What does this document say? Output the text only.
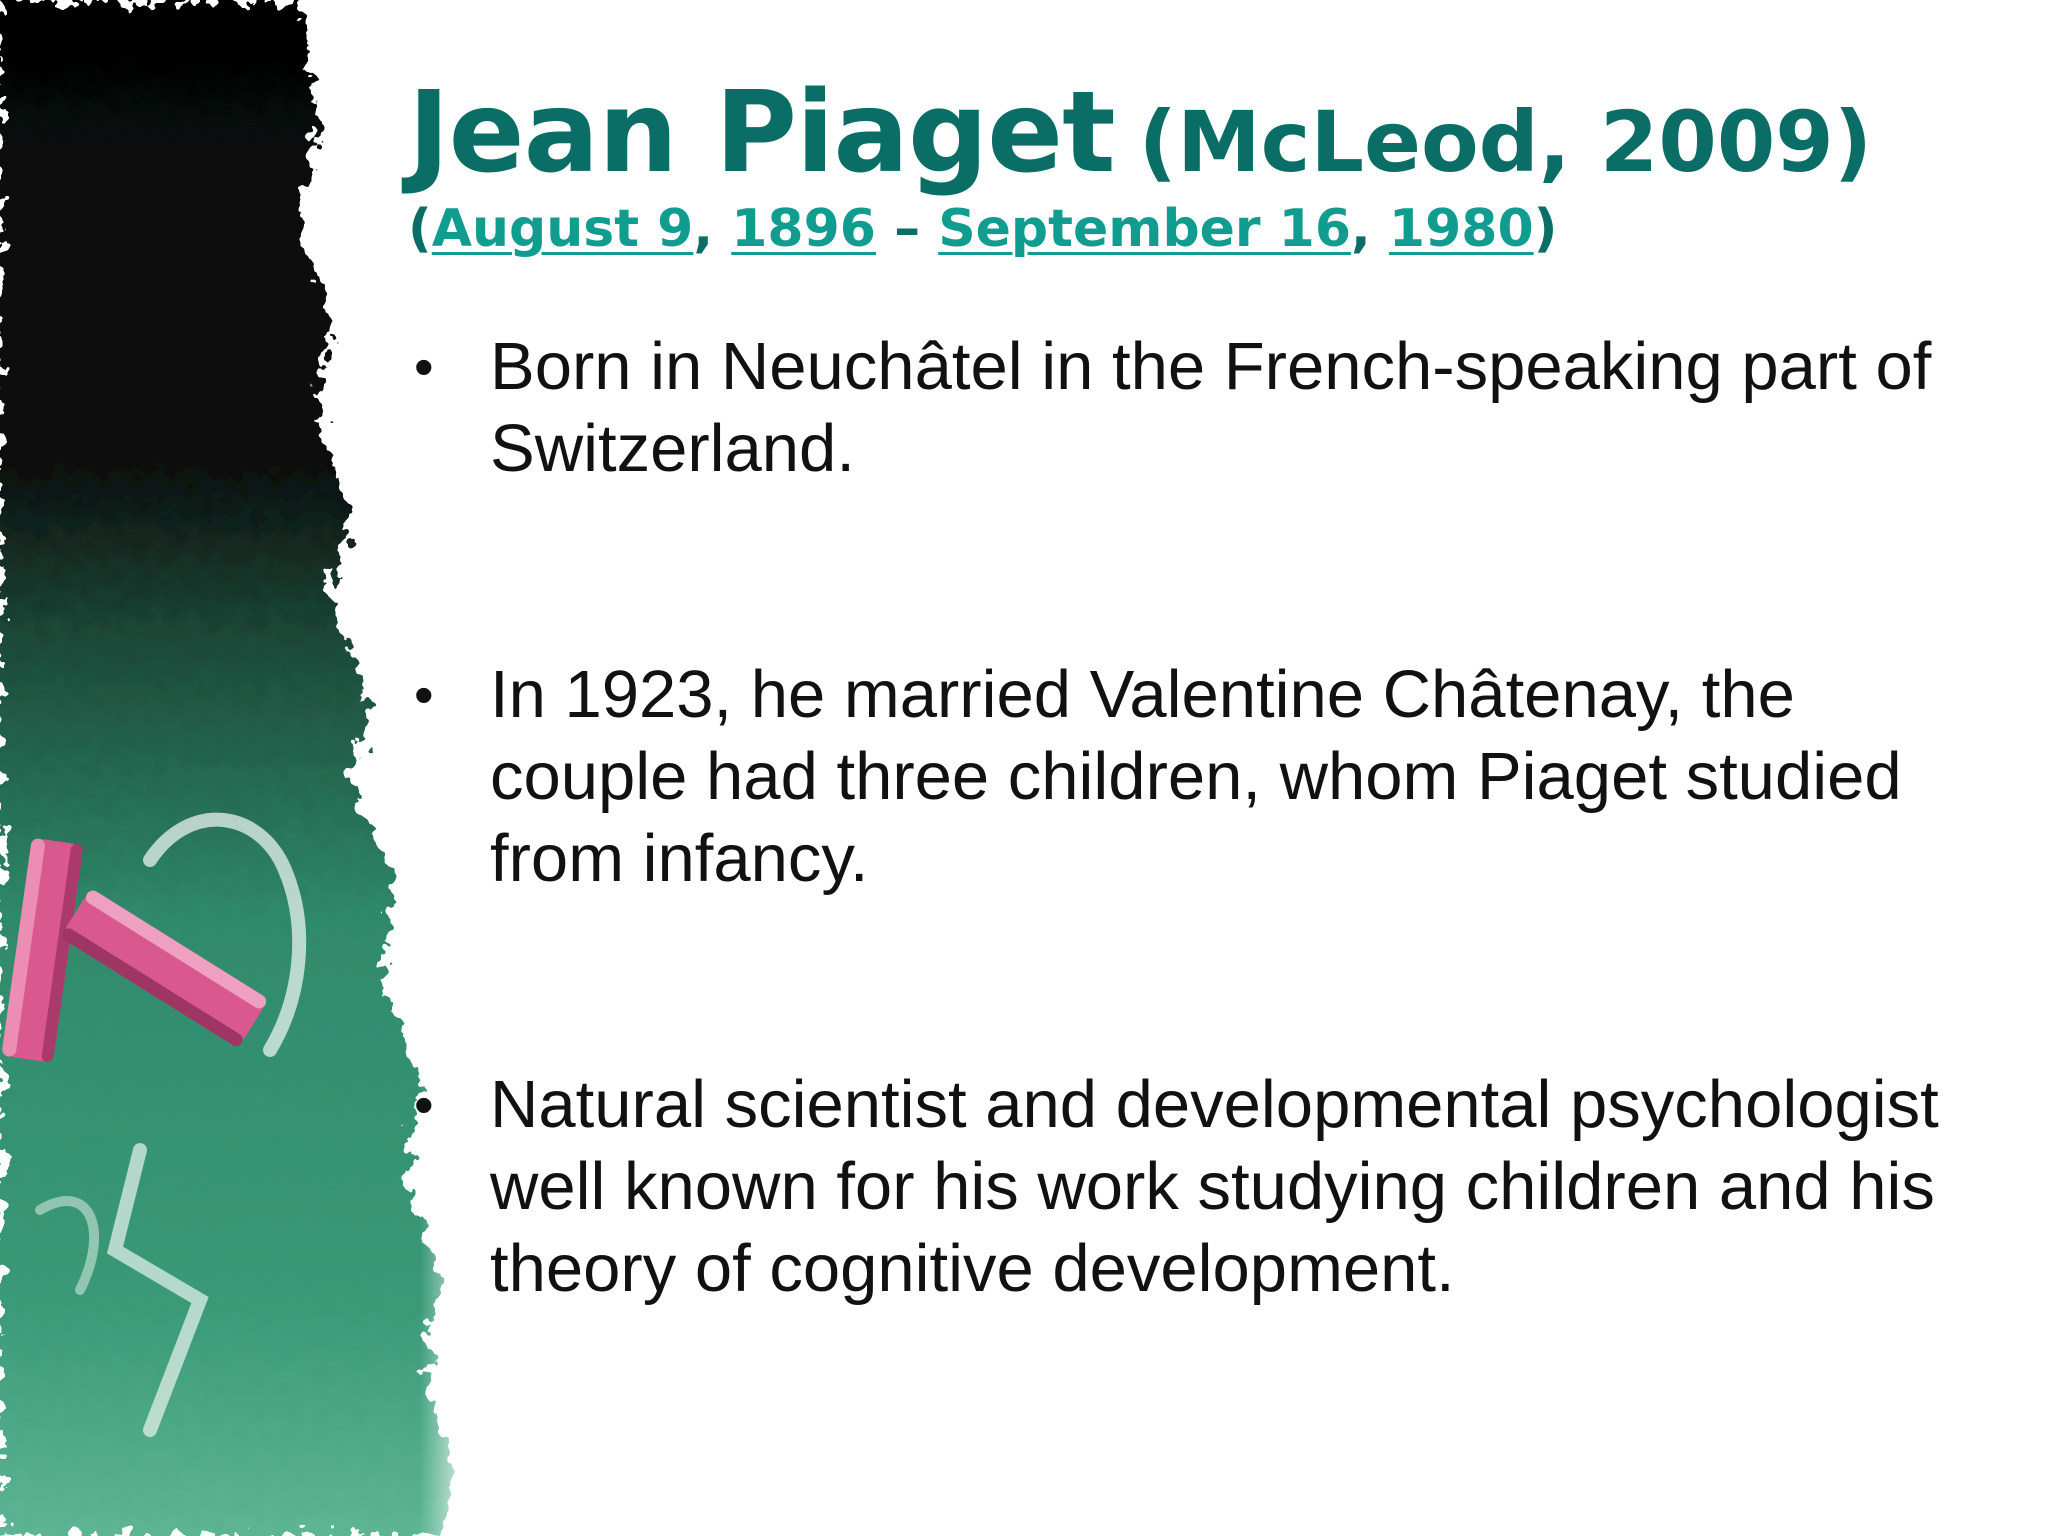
Jean Piaget (McLeod, 2009)
(August 9, 1896 – September 16, 1980)
• Born in Neuchâtel in the French-speaking part of Switzerland.
• In 1923, he married Valentine Châtenay, the couple had three children, whom Piaget studied from infancy.
• Natural scientist and developmental psychologist well known for his work studying children and his theory of cognitive development.
